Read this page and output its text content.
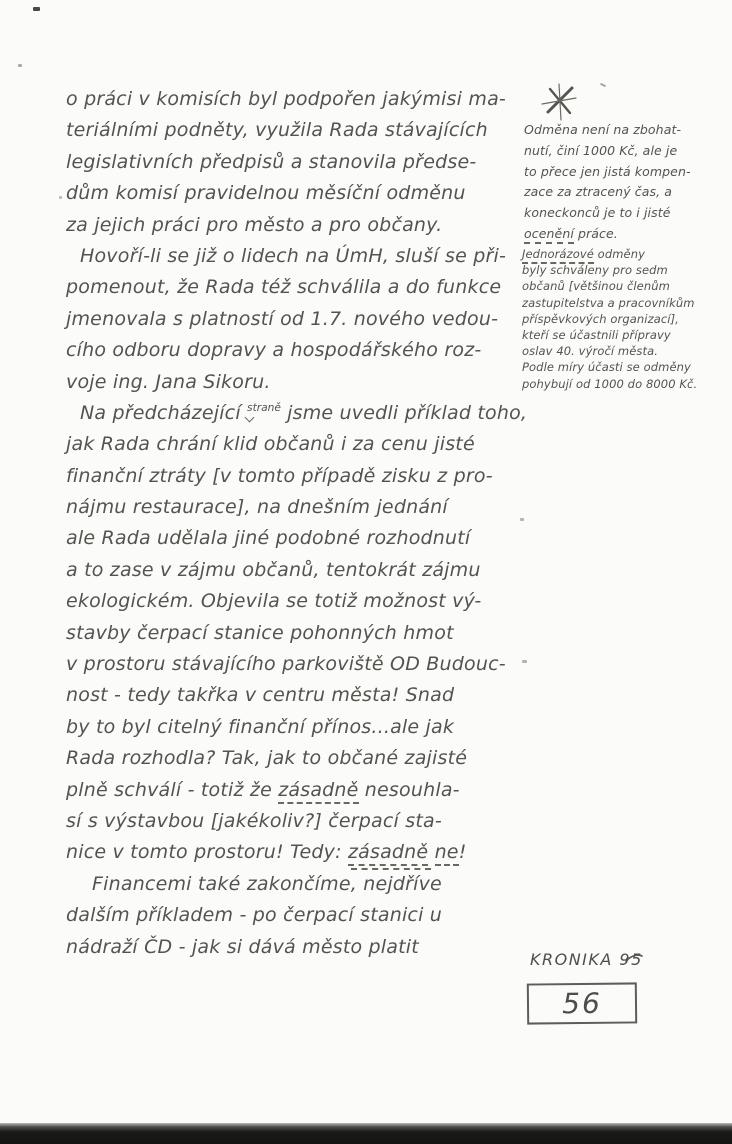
o práci v komisích byl podpořen jakýmisi ma-
teriálními podněty, využila Rada stávajících
legislativních předpisů a stanovila předse-
dům komisí pravidelnou měsíční odměnu
za jejich práci pro město a pro občany.
Hovoří-li se již o lidech na ÚmH, sluší se při-
pomenout, že Rada též schválila a do funkce
jmenovala s platností od 1.7. nového vedou-
cího odboru dopravy a hospodářského roz-
voje ing. Jana Sikoru.
Na předcházející $^{straně}$ jsme uvedli příklad toho,
jak Rada chrání klid občanů i za cenu jisté
finanční ztráty [v tomto případě zisku z pro-
nájmu restaurace], na dnešním jednání
ale Rada udělala jiné podobné rozhodnutí
a to zase v zájmu občanů, tentokrát zájmu
ekologickém. Objevila se totiž možnost vý-
stavby čerpací stanice pohonných hmot
v prostoru stávajícího parkoviště OD Budouc-
nost - tedy takřka v centru města! Snad
by to byl citelný finanční přínos...ale jak
Rada rozhodla? Tak, jak to občané zajisté
plně schválí - totiž že zásadně nesouhla-
sí s výstavbou [jakékoliv?] čerpací sta-
nice v tomto prostoru! Tedy: zásadně ne!
Financemi také zakončíme, nejdříve
dalším příkladem - po čerpací stanici u
nádraží ČD - jak si dává město platit
Odměna není na zbohat-
nutí, činí 1000 Kč, ale je
to přece jen jistá kompen-
zace za ztracený čas, a
koneckonců je to i jisté
ocenění práce.
Jednorázové odměny
byly schváleny pro sedm
občanů [většinou členům
zastupitelstva a pracovníkům
příspěvkových organizací],
kteří se účastnili přípravy
oslav 40. výročí města.
Podle míry účasti se odměny
pohybují od 1000 do 8000 Kč.
KRONIKA 95
56
